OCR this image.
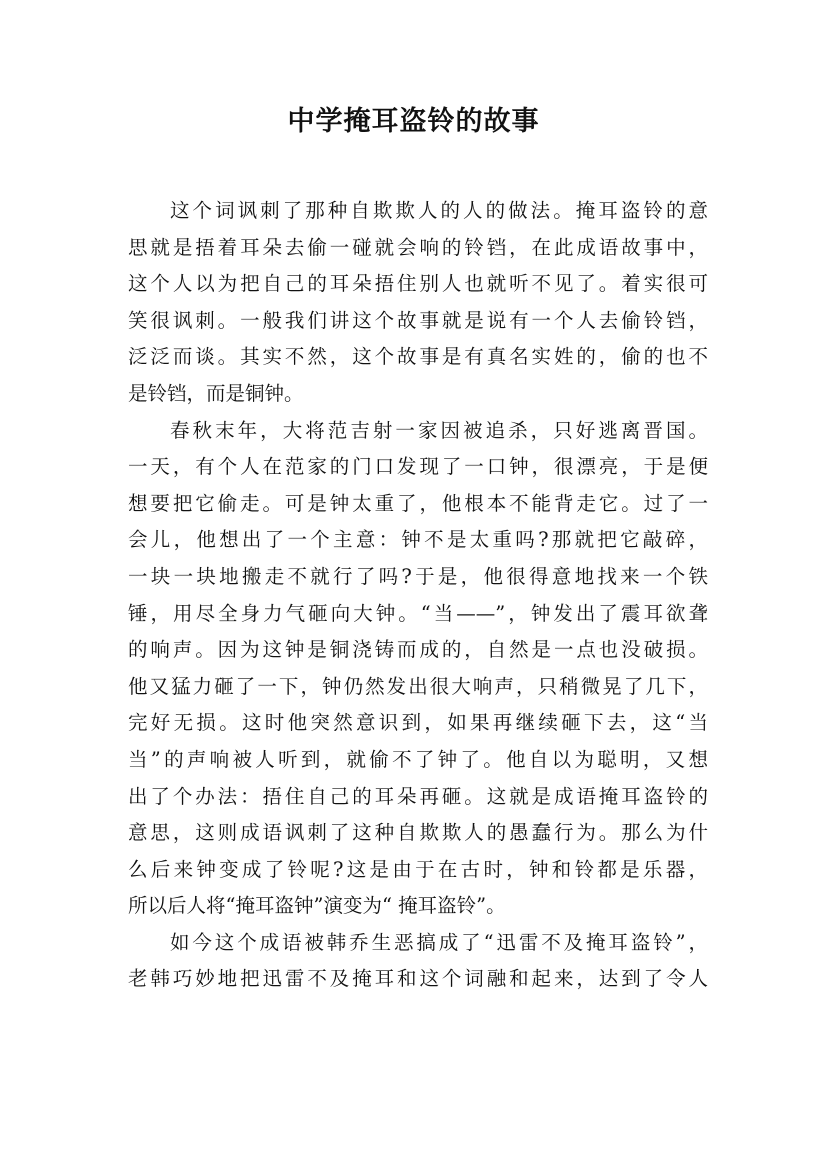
中学掩耳盗铃的故事
这个词讽刺了那种自欺欺人的人的做法。掩耳盗铃的意
思就是捂着耳朵去偷一碰就会响的铃铛，在此成语故事中，
这个人以为把自己的耳朵捂住别人也就听不见了。着实很可
笑很讽刺。一般我们讲这个故事就是说有一个人去偷铃铛，
泛泛而谈。其实不然，这个故事是有真名实姓的，偷的也不
是铃铛，而是铜钟。
春秋末年，大将范吉射一家因被追杀，只好逃离晋国。
一天，有个人在范家的门口发现了一口钟，很漂亮，于是便
想要把它偷走。可是钟太重了，他根本不能背走它。过了一
会儿，他想出了一个主意：钟不是太重吗?那就把它敲碎，
一块一块地搬走不就行了吗?于是，他很得意地找来一个铁
锤，用尽全身力气砸向大钟。“当——”，钟发出了震耳欲聋
的响声。因为这钟是铜浇铸而成的，自然是一点也没破损。
他又猛力砸了一下，钟仍然发出很大响声，只稍微晃了几下，
完好无损。这时他突然意识到，如果再继续砸下去，这“当
当”的声响被人听到，就偷不了钟了。他自以为聪明，又想
出了个办法：捂住自己的耳朵再砸。这就是成语掩耳盗铃的
意思，这则成语讽刺了这种自欺欺人的愚蠢行为。那么为什
么后来钟变成了铃呢?这是由于在古时，钟和铃都是乐器，
所以后人将“掩耳盗钟”演变为“ 掩耳盗铃”。
如今这个成语被韩乔生恶搞成了“迅雷不及掩耳盗铃”，
老韩巧妙地把迅雷不及掩耳和这个词融和起来，达到了令人
